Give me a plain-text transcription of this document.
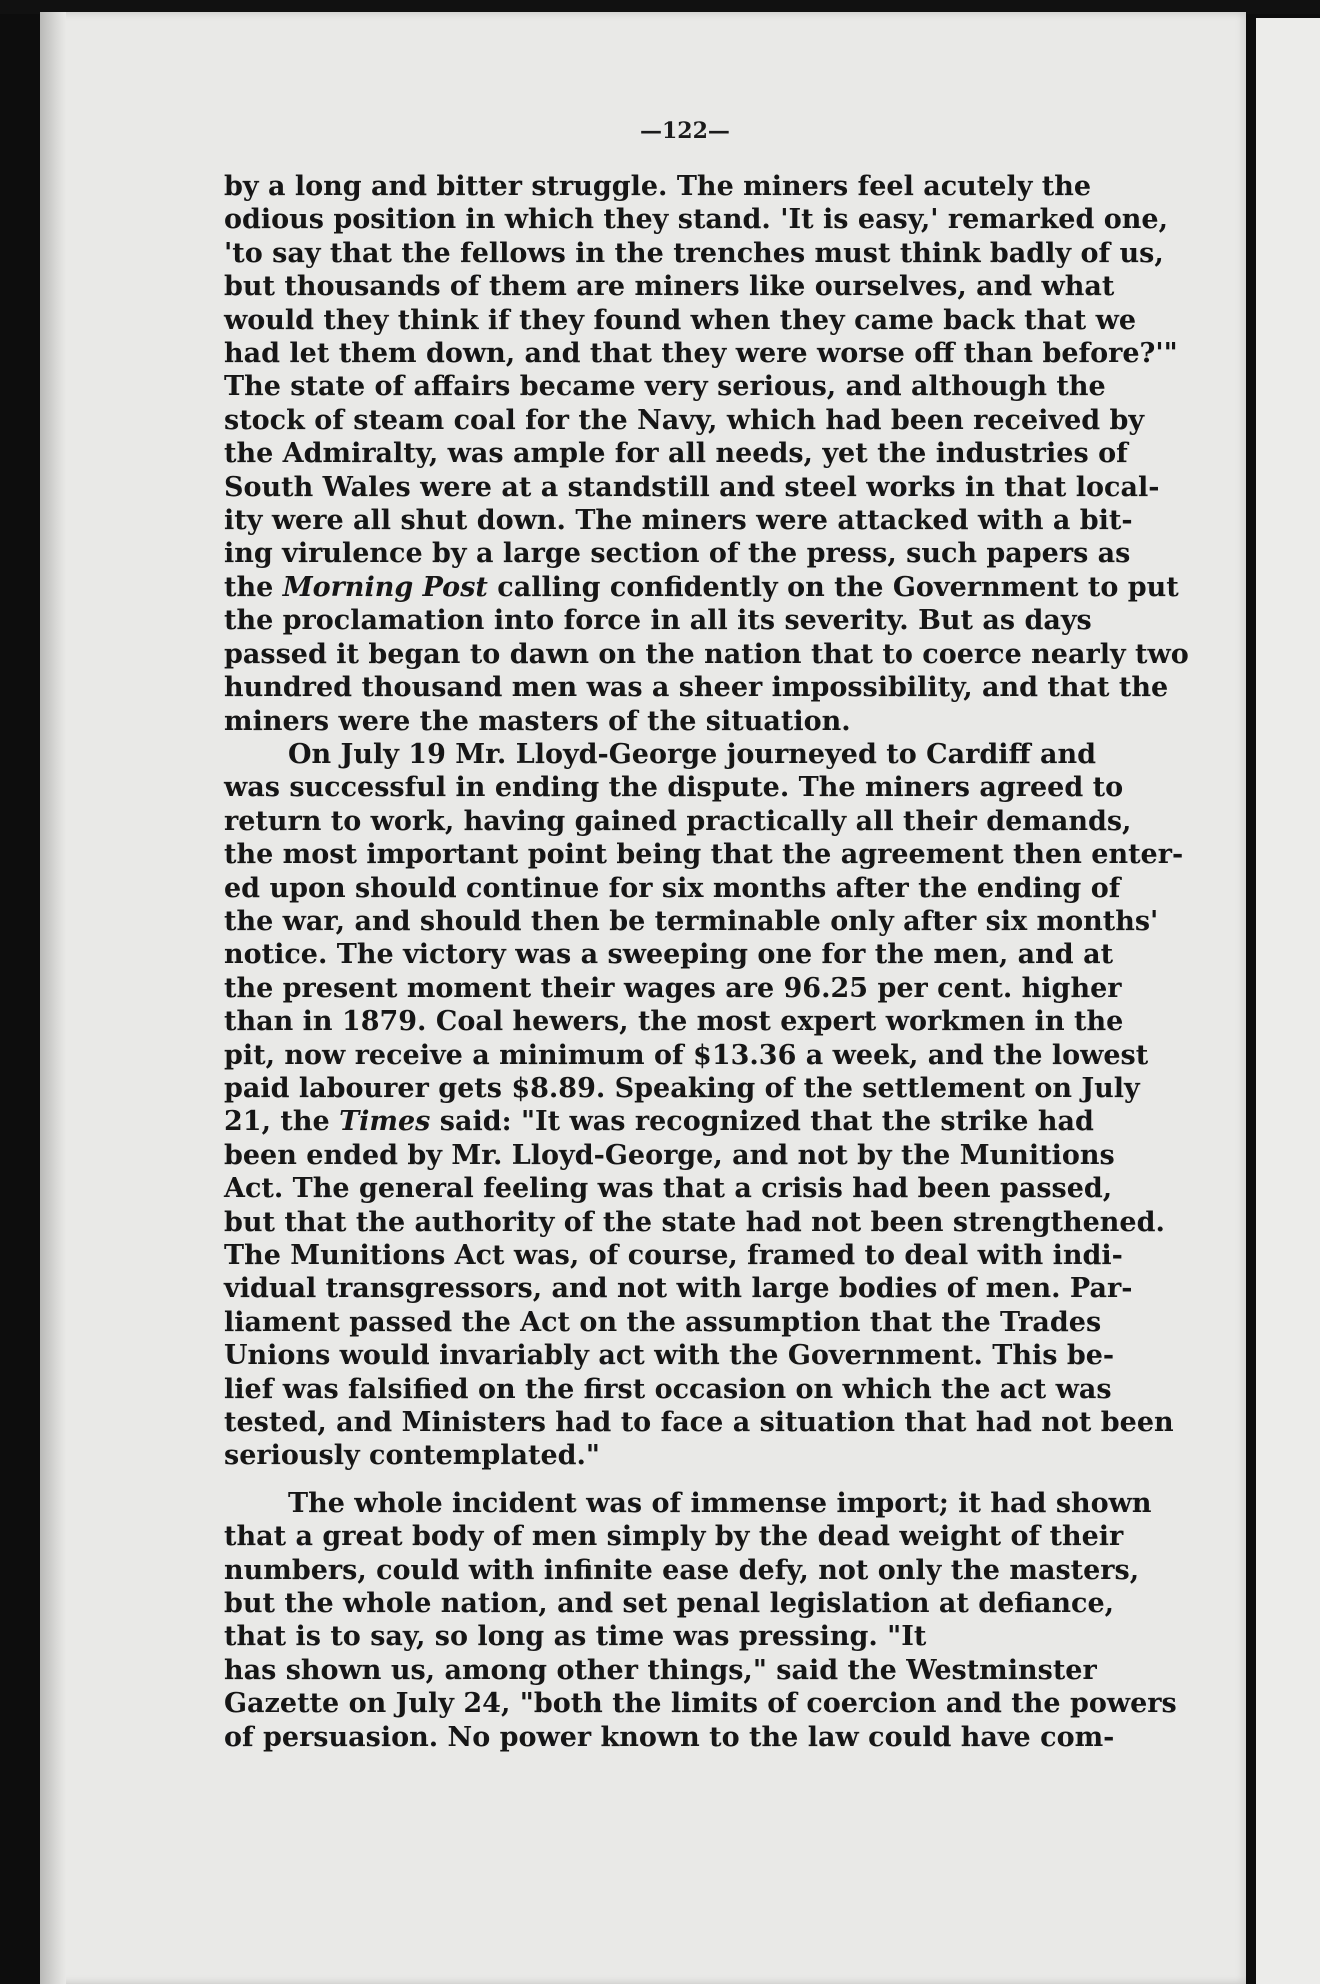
—122—

by a long and bitter struggle. The miners feel acutely the
odious position in which they stand. 'It is easy,' remarked one,
'to say that the fellows in the trenches must think badly of us,
but thousands of them are miners like ourselves, and what
would they think if they found when they came back that we
had let them down, and that they were worse off than before?'"
The state of affairs became very serious, and although the
stock of steam coal for the Navy, which had been received by
the Admiralty, was ample for all needs, yet the industries of
South Wales were at a standstill and steel works in that local-
ity were all shut down. The miners were attacked with a bit-
ing virulence by a large section of the press, such papers as
the Morning Post calling confidently on the Government to put
the proclamation into force in all its severity. But as days
passed it began to dawn on the nation that to coerce nearly two
hundred thousand men was a sheer impossibility, and that the
miners were the masters of the situation.

On July 19 Mr. Lloyd-George journeyed to Cardiff and
was successful in ending the dispute. The miners agreed to
return to work, having gained practically all their demands,
the most important point being that the agreement then enter-
ed upon should continue for six months after the ending of
the war, and should then be terminable only after six months'
notice. The victory was a sweeping one for the men, and at
the present moment their wages are 96.25 per cent. higher
than in 1879. Coal hewers, the most expert workmen in the
pit, now receive a minimum of $13.36 a week, and the lowest
paid labourer gets $8.89. Speaking of the settlement on July
21, the Times said: "It was recognized that the strike had
been ended by Mr. Lloyd-George, and not by the Munitions
Act. The general feeling was that a crisis had been passed,
but that the authority of the state had not been strengthened.
The Munitions Act was, of course, framed to deal with indi-
vidual transgressors, and not with large bodies of men. Par-
liament passed the Act on the assumption that the Trades
Unions would invariably act with the Government. This be-
lief was falsified on the first occasion on which the act was
tested, and Ministers had to face a situation that had not been
seriously contemplated."

The whole incident was of immense import; it had shown
that a great body of men simply by the dead weight of their
numbers, could with infinite ease defy, not only the masters,
but the whole nation, and set penal legislation at defiance,
that is to say, so long as time was pressing. "It
has shown us, among other things," said the Westminster
Gazette on July 24, "both the limits of coercion and the powers
of persuasion. No power known to the law could have com-
